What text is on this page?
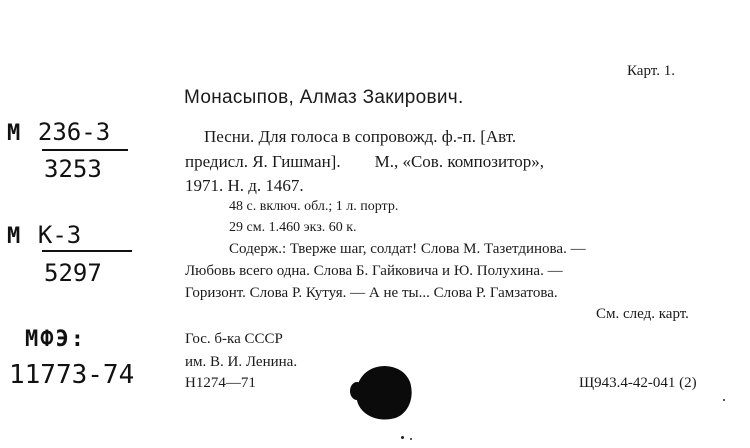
Карт. 1.
Монасыпов, Алмаз Закирович.
М 236-3
3253
М К-3
5297
МФЭ:
11773-74
Песни. Для голоса в сопровожд. ф.-п. [Авт.
предисл. Я. Гишман].        М., «Сов. композитор»,
1971. Н. д. 1467.
48 с. включ. обл.; 1 л. портр.
29 см. 1.460 экз. 60 к.
Содерж.: Тверже шаг, солдат! Слова М. Тазетдинова. —
Любовь всего одна. Слова Б. Гайковича и Ю. Полухина. —
Горизонт. Слова Р. Кутуя. — А не ты... Слова Р. Гамзатова.
См. след. карт.
Гос. б-ка СССР
им. В. И. Ленина.
Н1274—71	Щ943.4-42-041 (2)
